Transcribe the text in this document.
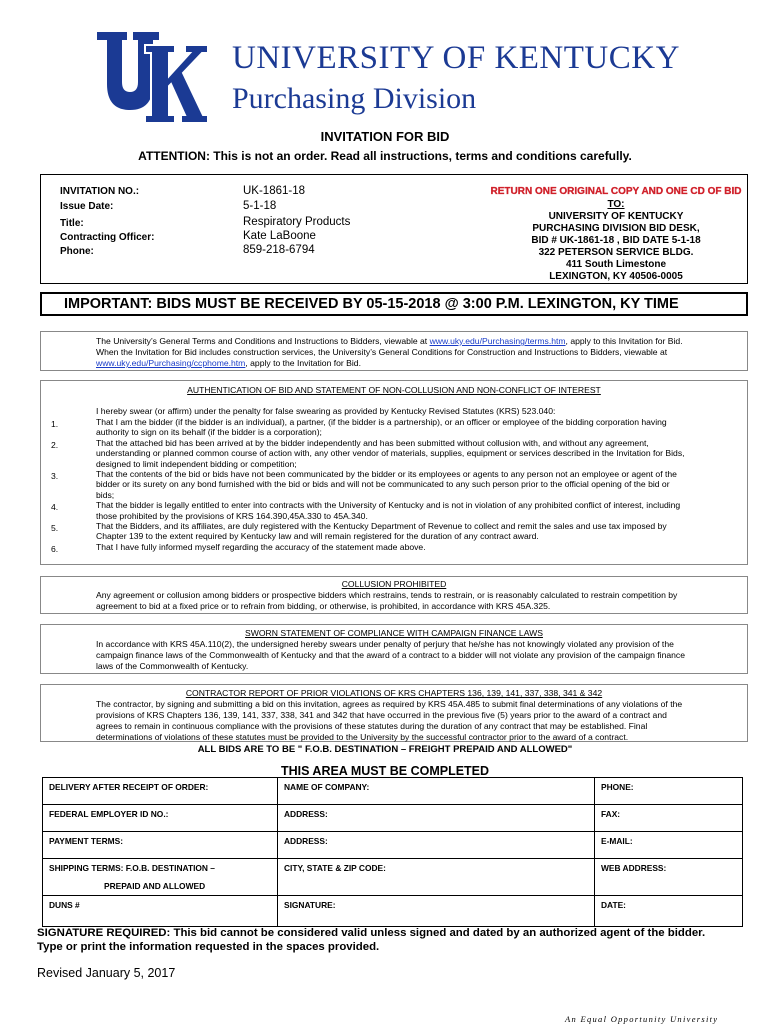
UNIVERSITY OF KENTUCKY
Purchasing Division
INVITATION FOR BID
ATTENTION: This is not an order. Read all instructions, terms and conditions carefully.
INVITATION NO.:	UK-1861-18
Issue Date:	5-1-18
Title:	Respiratory Products
Contracting Officer:	Kate LaBoone
Phone:	859-218-6794
RETURN ONE ORIGINAL COPY AND ONE CD OF BID
TO:
UNIVERSITY OF KENTUCKY
PURCHASING DIVISION BID DESK,
BID # UK-1861-18 , BID DATE 5-1-18
322 PETERSON SERVICE BLDG.
411 South Limestone
LEXINGTON, KY 40506-0005
IMPORTANT: BIDS MUST BE RECEIVED BY 05-15-2018 @ 3:00 P.M. LEXINGTON, KY TIME
The University’s General Terms and Conditions and Instructions to Bidders, viewable at www.uky.edu/Purchasing/terms.htm, apply to this Invitation for Bid.
When the Invitation for Bid includes construction services, the University’s General Conditions for Construction and Instructions to Bidders, viewable at
www.uky.edu/Purchasing/ccphome.htm, apply to the Invitation for Bid.
AUTHENTICATION OF BID AND STATEMENT OF NON-COLLUSION AND NON-CONFLICT OF INTEREST
I hereby swear (or affirm) under the penalty for false swearing as provided by Kentucky Revised Statutes (KRS) 523.040:
1.	That I am the bidder (if the bidder is an individual), a partner, (if the bidder is a partnership), or an officer or employee of the bidding corporation having
authority to sign on its behalf (if the bidder is a corporation);
2.	That the attached bid has been arrived at by the bidder independently and has been submitted without collusion with, and without any agreement,
understanding or planned common course of action with, any other vendor of materials, supplies, equipment or services described in the Invitation for Bids,
designed to limit independent bidding or competition;
3.	That the contents of the bid or bids have not been communicated by the bidder or its employees or agents to any person not an employee or agent of the
bidder or its surety on any bond furnished with the bid or bids and will not be communicated to any such person prior to the official opening of the bid or
bids;
4.	That the bidder is legally entitled to enter into contracts with the University of Kentucky and is not in violation of any prohibited conflict of interest, including
those prohibited by the provisions of KRS 164.390,45A.330 to 45A.340.
5.	That the Bidders, and its affiliates, are duly registered with the Kentucky Department of Revenue to collect and remit the sales and use tax imposed by
Chapter 139 to the extent required by Kentucky law and will remain registered for the duration of any contract award.
6.	That I have fully informed myself regarding the accuracy of the statement made above.
COLLUSION PROHIBITED
Any agreement or collusion among bidders or prospective bidders which restrains, tends to restrain, or is reasonably calculated to restrain competition by
agreement to bid at a fixed price or to refrain from bidding, or otherwise, is prohibited, in accordance with KRS 45A.325.
SWORN STATEMENT OF COMPLIANCE WITH CAMPAIGN FINANCE LAWS
In accordance with KRS 45A.110(2), the undersigned hereby swears under penalty of perjury that he/she has not knowingly violated any provision of the
campaign finance laws of the Commonwealth of Kentucky and that the award of a contract to a bidder will not violate any provision of the campaign finance
laws of the Commonwealth of Kentucky.
CONTRACTOR REPORT OF PRIOR VIOLATIONS OF KRS CHAPTERS 136, 139, 141, 337, 338, 341 & 342
The contractor, by signing and submitting a bid on this invitation, agrees as required by KRS 45A.485 to submit final determinations of any violations of the
provisions of KRS Chapters 136, 139, 141, 337, 338, 341 and 342 that have occurred in the previous five (5) years prior to the award of a contract and
agrees to remain in continuous compliance with the provisions of these statutes during the duration of any contract that may be established. Final
determinations of violations of these statutes must be provided to the University by the successful contractor prior to the award of a contract.
ALL BIDS ARE TO BE " F.O.B. DESTINATION – FREIGHT PREPAID AND ALLOWED"
THIS AREA MUST BE COMPLETED
DELIVERY AFTER RECEIPT OF ORDER:	NAME OF COMPANY:	PHONE:
FEDERAL EMPLOYER ID NO.:	ADDRESS:	FAX:
PAYMENT TERMS:	ADDRESS:	E-MAIL:

SHIPPING TERMS: F.O.B. DESTINATION –
PREPAID AND ALLOWED	CITY, STATE & ZIP CODE:	WEB ADDRESS:
DUNS #	SIGNATURE:	DATE:
SIGNATURE REQUIRED: This bid cannot be considered valid unless signed and dated by an authorized agent of the bidder.
Type or print the information requested in the spaces provided.
Revised January 5, 2017
An Equal Opportunity University
